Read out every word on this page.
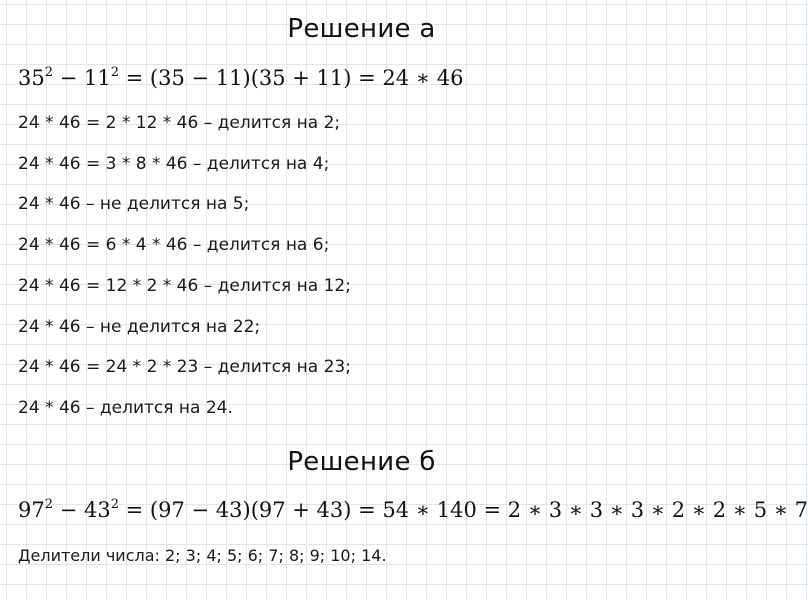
Решение а
$35^2 - 11^2 = (35 - 11)(35 + 11) = 24$ ∗ 46
24 * 46 = 2 * 12 * 46 – делится на 2;
24 * 46 = 3 * 8 * 46 – делится на 4;
24 * 46 – не делится на 5;
24 * 46 = 6 * 4 * 46 – делится на 6;
24 * 46 = 12 * 2 * 46 – делится на 12;
24 * 46 – не делится на 22;
24 * 46 = 24 * 2 * 23 – делится на 23;
24 * 46 – делится на 24.
Решение б
$97^2 - 43^2 = (97 - 43)(97 + 43) = 54$ ∗ 140 = 2 ∗ 3 ∗ 3 ∗ 3 ∗ 2 ∗ 2 ∗ 5 ∗ 7
Делители числа: 2; 3; 4; 5; 6; 7; 8; 9; 10; 14.
